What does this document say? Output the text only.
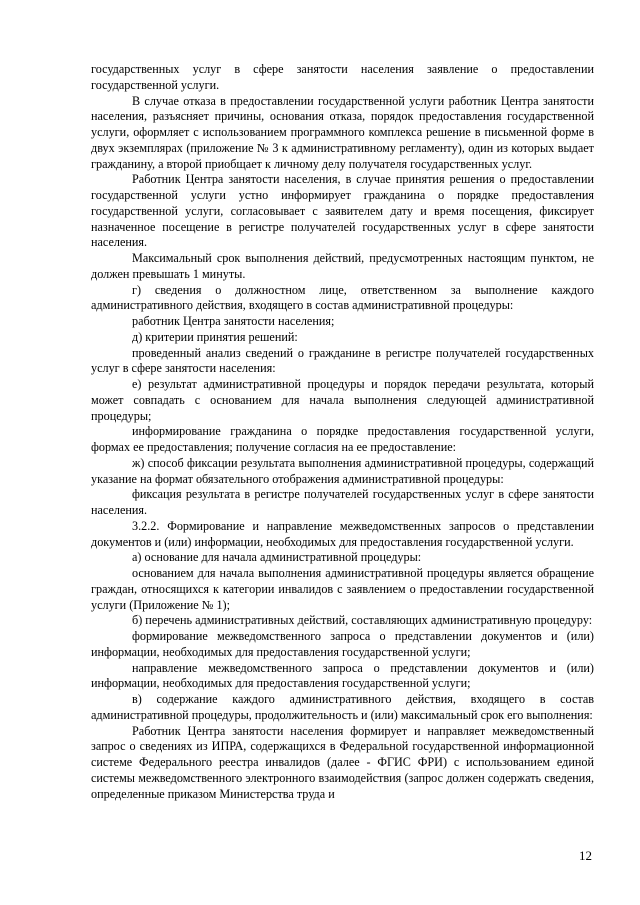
государственных услуг в сфере занятости населения заявление о предоставлении государственной услуги.

В случае отказа в предоставлении государственной услуги работник Центра занятости населения, разъясняет причины, основания отказа, порядок предоставления государственной услуги, оформляет с использованием программного комплекса решение в письменной форме в двух экземплярах (приложение № 3 к административному регламенту), один из которых выдает гражданину, а второй приобщает к личному делу получателя государственных услуг.

Работник Центра занятости населения, в случае принятия решения о предоставлении государственной услуги устно информирует гражданина о порядке предоставления государственной услуги, согласовывает с заявителем дату и время посещения, фиксирует назначенное посещение в регистре получателей государственных услуг в сфере занятости населения.

Максимальный срок выполнения действий, предусмотренных настоящим пунктом, не должен превышать 1 минуты.

г) сведения о должностном лице, ответственном за выполнение каждого административного действия, входящего в состав административной процедуры:

работник Центра занятости населения;

д) критерии принятия решений:

проведенный анализ сведений о гражданине в регистре получателей государственных услуг в сфере занятости населения:

е) результат административной процедуры и порядок передачи результата, который может совпадать с основанием для начала выполнения следующей административной процедуры;

информирование гражданина о порядке предоставления государственной услуги, формах ее предоставления; получение согласия на ее предоставление:

ж) способ фиксации результата выполнения административной процедуры, содержащий указание на формат обязательного отображения административной процедуры:

фиксация результата в регистре получателей государственных услуг в сфере занятости населения.

3.2.2. Формирование и направление межведомственных запросов о представлении документов и (или) информации, необходимых для предоставления государственной услуги.

а) основание для начала административной процедуры:

основанием для начала выполнения административной процедуры является обращение граждан, относящихся к категории инвалидов с заявлением о предоставлении государственной услуги (Приложение № 1);

б) перечень административных действий, составляющих административную процедуру:

формирование межведомственного запроса о представлении документов и (или) информации, необходимых для предоставления государственной услуги;

направление межведомственного запроса о представлении документов и (или) информации, необходимых для предоставления государственной услуги;

в) содержание каждого административного действия, входящего в состав административной процедуры, продолжительность и (или) максимальный срок его выполнения:

Работник Центра занятости населения формирует и направляет межведомственный запрос о сведениях из ИПРА, содержащихся в Федеральной государственной информационной системе Федерального реестра инвалидов (далее - ФГИС ФРИ) с использованием единой системы межведомственного электронного взаимодействия (запрос должен содержать сведения, определенные приказом Министерства труда и

12
